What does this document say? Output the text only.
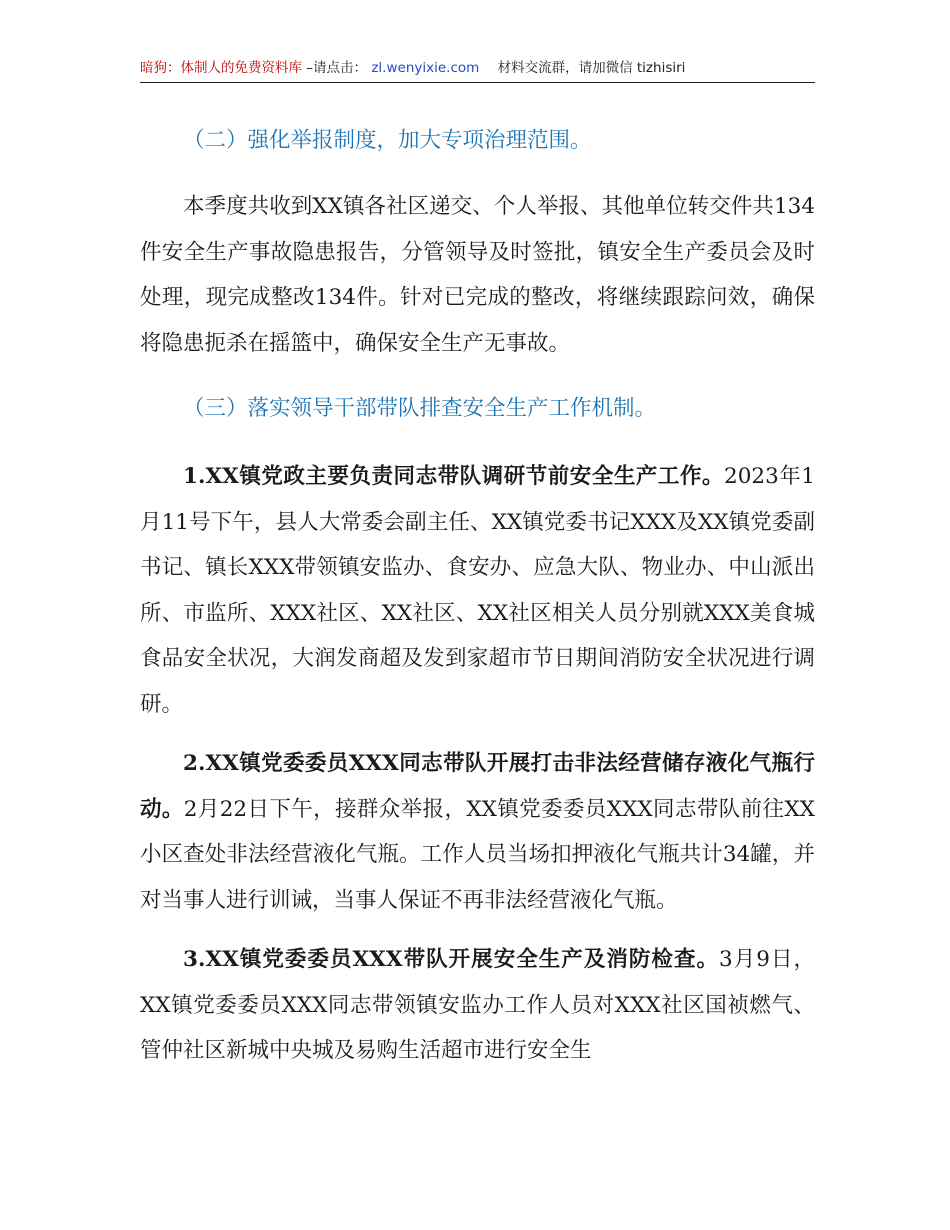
暗狗：体制人的免费资料库 –请点击： zl.wenyixie.com 材料交流群，请加微信 tizhisiri

（二）强化举报制度，加大专项治理范围。

本季度共收到XX镇各社区递交、个人举报、其他单位转交件共134件安全生产事故隐患报告，分管领导及时签批，镇安全生产委员会及时处理，现完成整改134件。针对已完成的整改，将继续跟踪问效，确保将隐患扼杀在摇篮中，确保安全生产无事故。

（三）落实领导干部带队排查安全生产工作机制。

1.XX镇党政主要负责同志带队调研节前安全生产工作。2023年1月11号下午，县人大常委会副主任、XX镇党委书记XXX及XX镇党委副书记、镇长XXX带领镇安监办、食安办、应急大队、物业办、中山派出所、市监所、XXX社区、XX社区、XX社区相关人员分别就XXX美食城食品安全状况，大润发商超及发到家超市节日期间消防安全状况进行调研。

2.XX镇党委委员XXX同志带队开展打击非法经营储存液化气瓶行动。2月22日下午，接群众举报，XX镇党委委员XXX同志带队前往XX小区查处非法经营液化气瓶。工作人员当场扣押液化气瓶共计34罐，并对当事人进行训诫，当事人保证不再非法经营液化气瓶。

3.XX镇党委委员XXX带队开展安全生产及消防检查。3月9日，XX镇党委委员XXX同志带领镇安监办工作人员对XXX社区国祯燃气、管仲社区新城中央城及易购生活超市进行安全生
